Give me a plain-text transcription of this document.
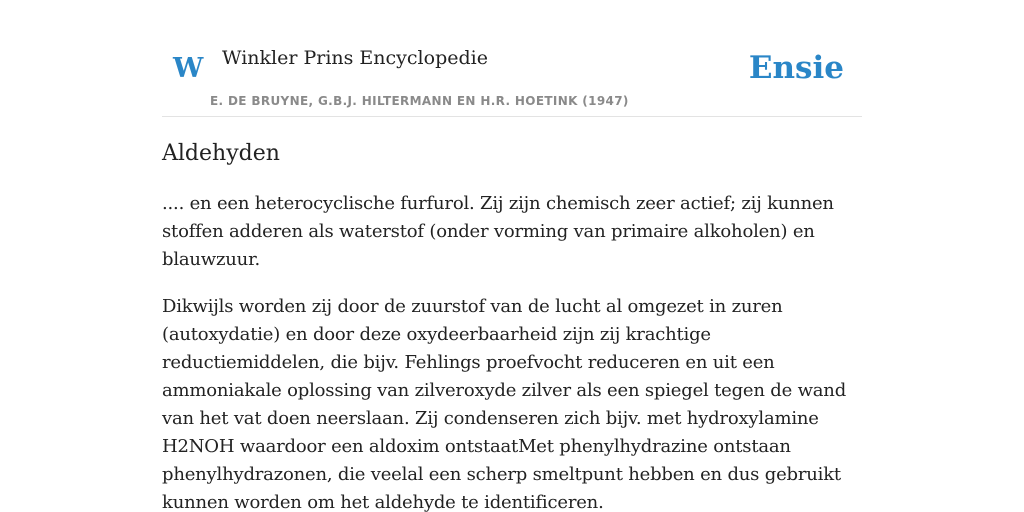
W Winkler Prins Encyclopedie
E. DE BRUYNE, G.B.J. HILTERMANN EN H.R. HOETINK (1947)
Ensie
Aldehyden

.... en een heterocyclische furfurol. Zij zijn chemisch zeer actief; zij kunnen stoffen adderen als waterstof (onder vorming van primaire alkoholen) en blauwzuur.

Dikwijls worden zij door de zuurstof van de lucht al omgezet in zuren (autoxydatie) en door deze oxydeerbaarheid zijn zij krachtige reductiemiddelen, die bijv. Fehlings proefvocht reduceren en uit een ammoniakale oplossing van zilveroxyde zilver als een spiegel tegen de wand van het vat doen neerslaan. Zij condenseren zich bijv. met hydroxylamine H2NOH waardoor een aldoxim ontstaatMet phenylhydrazine ontstaan phenylhydrazonen, die veelal een scherp smeltpunt hebben en dus gebruikt kunnen worden om het aldehyde te identificeren.
